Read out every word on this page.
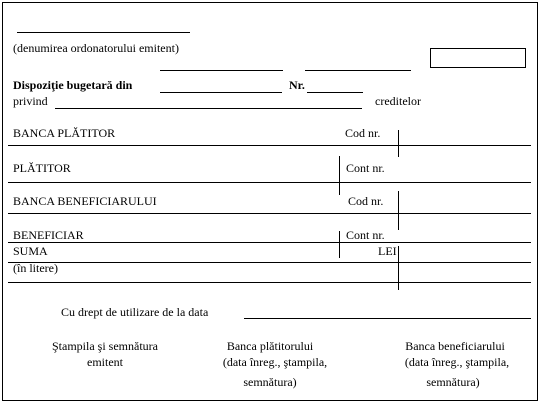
(denumirea ordonatorului emitent)
Dispoziţie bugetară din	Nr.
privind	creditelor
BANCA PLĂTITOR	Cod nr.
PLĂTITOR	Cont nr.
BANCA BENEFICIARULUI	Cod nr.
BENEFICIAR	Cont nr.
SUMA	LEI
(în litere)
Cu drept de utilizare de la data
Ştampila şi semnătura
emitent
Banca plătitorului
(data înreg., ştampila,
semnătura)
Banca beneficiarului
(data înreg., ştampila,
semnătura)
